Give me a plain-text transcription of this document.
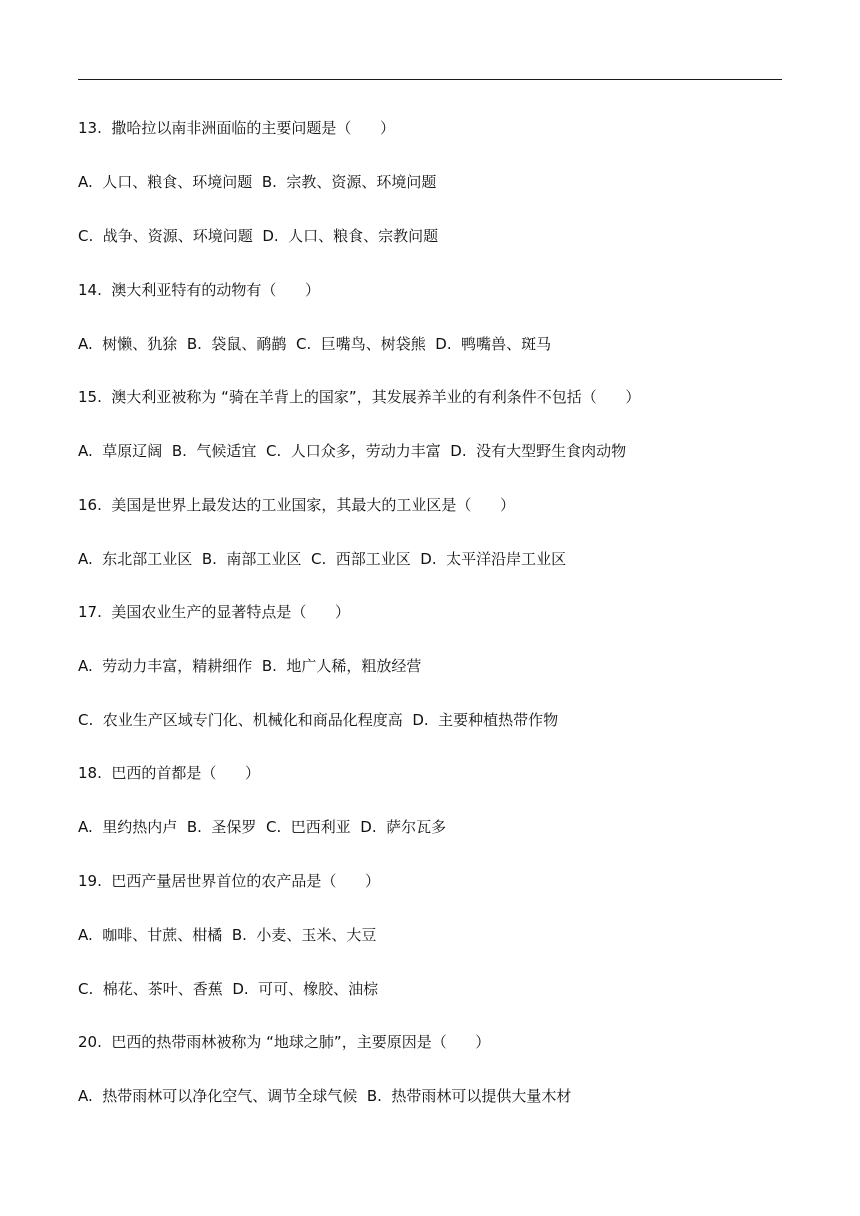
13.  撒哈拉以南非洲面临的主要问题是（      ）
A.  人口、粮食、环境问题  B.  宗教、资源、环境问题
C.  战争、资源、环境问题  D.  人口、粮食、宗教问题
14.  澳大利亚特有的动物有（      ）
A.  树懒、犰狳  B.  袋鼠、鸸鹋  C.  巨嘴鸟、树袋熊  D.  鸭嘴兽、斑马
15.  澳大利亚被称为 “骑在羊背上的国家”，其发展养羊业的有利条件不包括（      ）
A.  草原辽阔  B.  气候适宜  C.  人口众多，劳动力丰富  D.  没有大型野生食肉动物
16.  美国是世界上最发达的工业国家，其最大的工业区是（      ）
A.  东北部工业区  B.  南部工业区  C.  西部工业区  D.  太平洋沿岸工业区
17.  美国农业生产的显著特点是（      ）
A.  劳动力丰富，精耕细作  B.  地广人稀，粗放经营
C.  农业生产区域专门化、机械化和商品化程度高  D.  主要种植热带作物
18.  巴西的首都是（      ）
A.  里约热内卢  B.  圣保罗  C.  巴西利亚  D.  萨尔瓦多
19.  巴西产量居世界首位的农产品是（      ）
A.  咖啡、甘蔗、柑橘  B.  小麦、玉米、大豆
C.  棉花、茶叶、香蕉  D.  可可、橡胶、油棕
20.  巴西的热带雨林被称为 “地球之肺”，主要原因是（      ）
A.  热带雨林可以净化空气、调节全球气候  B.  热带雨林可以提供大量木材
